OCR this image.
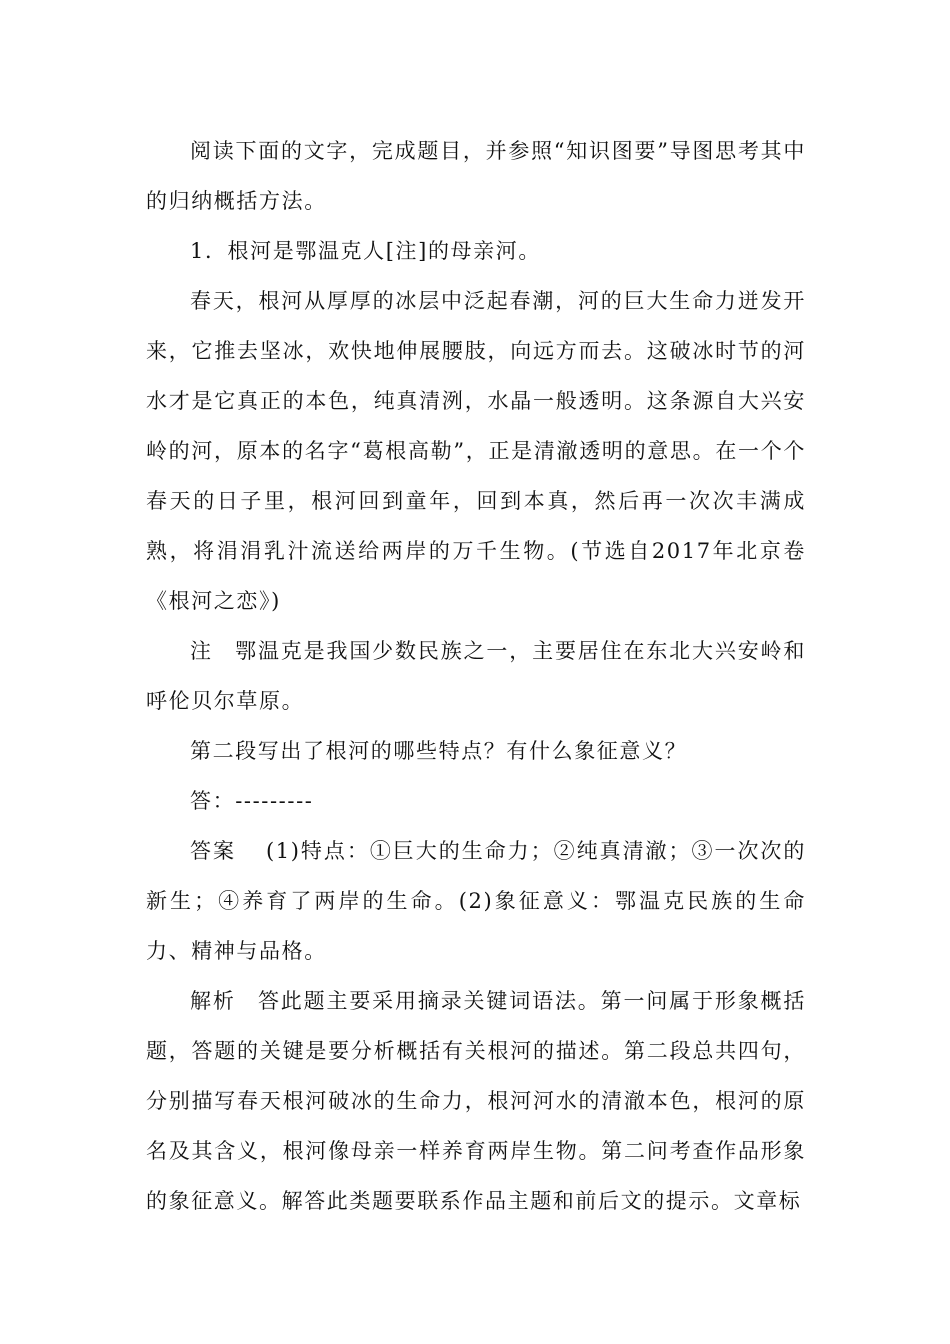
阅读下面的文字，完成题目，并参照“知识图要”导图思考其中的归纳概括方法。

1．根河是鄂温克人[注]的母亲河。

春天，根河从厚厚的冰层中泛起春潮，河的巨大生命力迸发开来，它推去坚冰，欢快地伸展腰肢，向远方而去。这破冰时节的河水才是它真正的本色，纯真清洌，水晶一般透明。这条源自大兴安岭的河，原本的名字“葛根高勒”，正是清澈透明的意思。在一个个春天的日子里，根河回到童年，回到本真，然后再一次次丰满成熟，将涓涓乳汁流送给两岸的万千生物。(节选自2017年北京卷《根河之恋》)

注 鄂温克是我国少数民族之一，主要居住在东北大兴安岭和呼伦贝尔草原。

第二段写出了根河的哪些特点？有什么象征意义？

答：---------

答案 (1)特点：①巨大的生命力；②纯真清澈；③一次次的新生；④养育了两岸的生命。(2)象征意义：鄂温克民族的生命力、精神与品格。

解析 答此题主要采用摘录关键词语法。第一问属于形象概括题，答题的关键是要分析概括有关根河的描述。第二段总共四句，分别描写春天根河破冰的生命力，根河河水的清澈本色，根河的原名及其含义，根河像母亲一样养育两岸生物。第二问考查作品形象的象征意义。解答此类题要联系作品主题和前后文的提示。文章标
